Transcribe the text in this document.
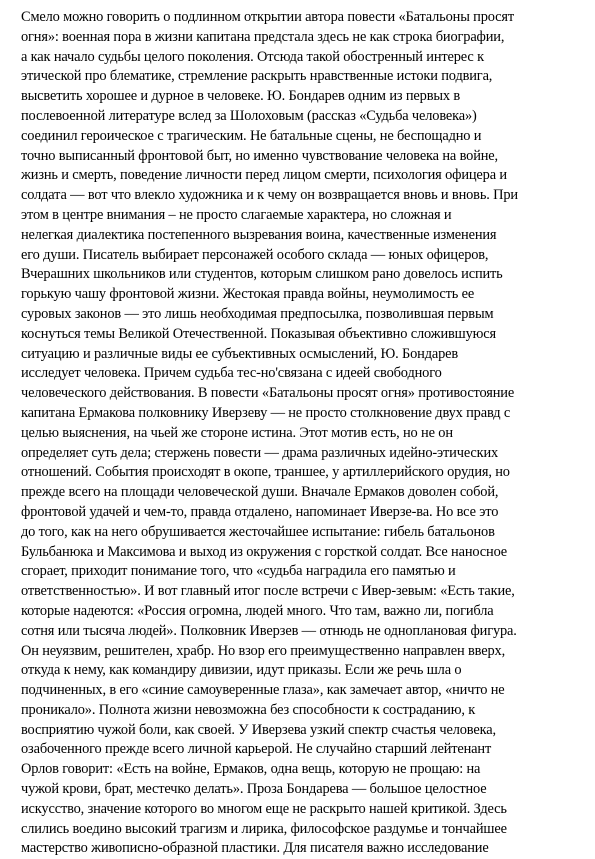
Смело можно говорить о подлинном открытии автора повести «Батальоны просят
огня»: военная пора в жизни капитана предстала здесь не как строка биографии,
а как начало судьбы целого поколения. Отсюда такой обостренный интерес к
этической про блематике, стремление раскрыть нравственные истоки подвига,
высветить хорошее и дурное в человеке. Ю. Бондарев одним из первых в
послевоенной литературе вслед за Шолоховым (рассказ «Судьба человека»)
соединил героическое с трагическим. Не батальные сцены, не беспощадно и
точно выписанный фронтовой быт, но именно чувствование человека на войне,
жизнь и смерть, поведение личности перед лицом смерти, психология офицера и
солдата — вот что влекло художника и к чему он возвращается вновь и вновь. При
этом в центре внимания – не просто слагаемые характера, но сложная и
нелегкая диалектика постепенного вызревания воина, качественные изменения
его души. Писатель выбирает персонажей особого склада — юных офицеров,
Вчерашних школьников или студентов, которым слишком рано довелось испить
горькую чашу фронтовой жизни. Жестокая правда войны, неумолимость ее
суровых законов — это лишь необходимая предпосылка, позволившая первым
коснуться темы Великой Отечественной. Показывая объективно сложившуюся
ситуацию и различные виды ее субъективных осмыслений, Ю. Бондарев
исследует человека. Причем судьба тес-но'связана с идеей свободного
человеческого действования. В повести «Батальоны просят огня» противостояние
капитана Ермакова полковнику Иверзеву — не просто столкновение двух правд с
целью выяснения, на чьей же стороне истина. Этот мотив есть, но не он
определяет суть дела; стержень повести — драма различных идейно-этических
отношений. События происходят в окопе, траншее, у артиллерийского орудия, но
прежде всего на площади человеческой души. Вначале Ермаков доволен собой,
фронтовой удачей и чем-то, правда отдалено, напоминает Иверзе-ва. Но все это
до того, как на него обрушивается жесточайшее испытание: гибель батальонов
Бульбанюка и Максимова и выход из окружения с горсткой солдат. Все наносное
сгорает, приходит понимание того, что «судьба наградила его памятью и
ответственностью». И вот главный итог после встречи с Ивер-зевым: «Есть такие,
которые надеются: «Россия огромна, людей много. Что там, важно ли, погибла
сотня или тысяча людей». Полковник Иверзев — отнюдь не одноплановая фигура.
Он неуязвим, решителен, храбр. Но взор его преимущественно направлен вверх,
откуда к нему, как командиру дивизии, идут приказы. Если же речь шла о
подчиненных, в его «синие самоуверенные глаза», как замечает автор, «ничто не
проникало». Полнота жизни невозможна без способности к состраданию, к
восприятию чужой боли, как своей. У Иверзева узкий спектр счастья человека,
озабоченного прежде всего личной карьерой. Не случайно старший лейтенант
Орлов говорит: «Есть на войне, Ермаков, одна вещь, которую не прощаю: на
чужой крови, брат, местечко делать». Проза Бондарева — большое целостное
искусство, значение которого во многом еще не раскрыто нашей критикой. Здесь
слились воедино высокий трагизм и лирика, философское раздумье и тончайшее
мастерство живописно-образной пластики. Для писателя важно исследование
